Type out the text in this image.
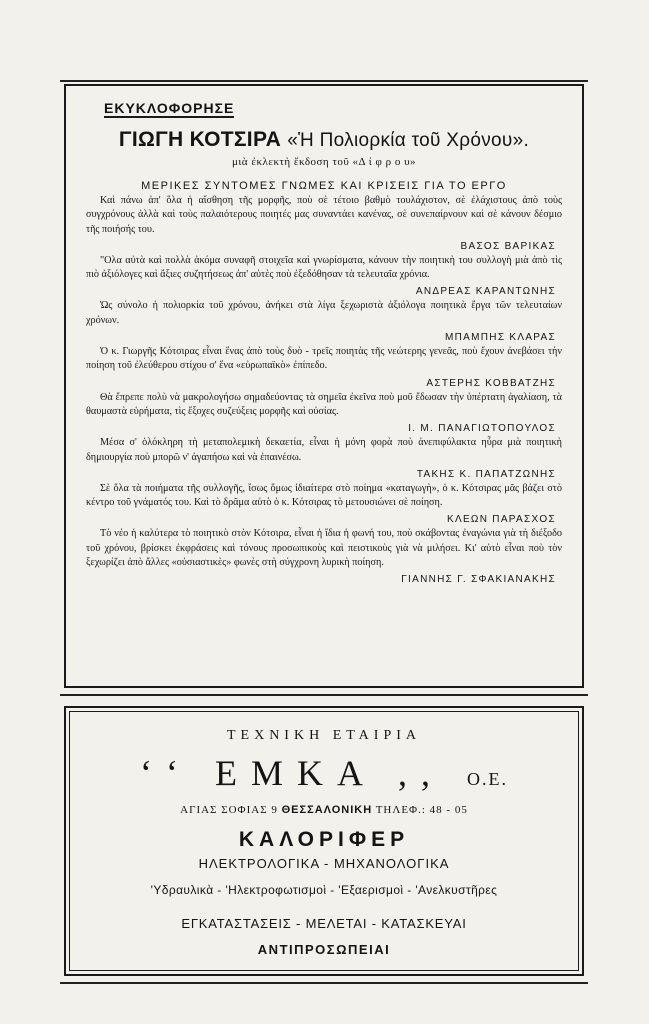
ΕΚΥΚΛΟΦΟΡΗΣΕ
ΓΙΩΓΗ ΚΟΤΣΙΡΑ «Ἡ Πολιορκία τοῦ Χρόνου».
μιὰ ἐκλεκτὴ ἔκδοση τοῦ «Δ ί φ ρ ο υ»
ΜΕΡΙΚΕΣ ΣΥΝΤΟΜΕΣ ΓΝΩΜΕΣ ΚΑΙ ΚΡΙΣΕΙΣ ΓΙΑ ΤΟ ΕΡΓΟ
Καὶ πάνω ἀπ' ὅλα ἡ αἴσθηση τῆς μορφῆς, ποὺ σὲ τέτοιο βαθμὸ τουλάχιστον, σὲ ἐλάχιστους ἀπὸ τοὺς συγχρόνους ἀλλὰ καὶ τοὺς παλαιότερους ποιητές μας συναντάει κανένας, σὲ συνεπαίρνουν καὶ σὲ κάνουν δέσμιο τῆς ποιήσής του.
ΒΑΣΟΣ ΒΑΡΙΚΑΣ
"Ολα αὐτὰ καὶ πολλὰ ἀκόμα συναφῆ στοιχεῖα καὶ γνωρίσματα, κάνουν τὴν ποιητικὴ του συλλογὴ μιὰ ἀπὸ τὶς πιὸ ἀξιόλογες καὶ ἄξιες συζητήσεως ἀπ' αὐτὲς ποὺ ἐξεδόθησαν τὰ τελευταῖα χρόνια.
ΑΝΔΡΕΑΣ ΚΑΡΑΝΤΩΝΗΣ
Ὡς σύνολο ἡ πολιορκία τοῦ χρόνου, ἀνήκει στὰ λίγα ξεχωριστὰ ἀξιόλογα ποιητικὰ ἔργα τῶν τελευταίων χρόνων.
ΜΠΑΜΠΗΣ ΚΛΑΡΑΣ
Ὁ κ. Γιωργῆς Κότσιρας εἶναι ἕνας ἀπὸ τοὺς δυὸ - τρεῖς ποιητὰς τῆς νεώτερης γενεᾶς, ποὺ ἔχουν ἀνεβάσει τὴν ποίηση τοῦ ἐλεύθερου στίχου σ' ἕνα «εὐρωπαϊκὸ» ἐπίπεδο.
ΑΣΤΕΡΗΣ ΚΟΒΒΑΤΖΗΣ
Θὰ ἔπρεπε πολὺ νὰ μακρολογήσω σημαδεύοντας τὰ σημεῖα ἐκεῖνα ποὺ μοῦ ἔδωσαν τὴν ὑπέρτατη ἀγαλίαση, τὰ θαυμαστὰ εὑρήματα, τὶς ἔξοχες συζεύξεις μορφῆς καὶ οὐσίας.
Ι. Μ. ΠΑΝΑΓΙΩΤΟΠΟΥΛΟΣ
Μέσα σ' ὁλόκληρη τὴ μεταπολεμικὴ δεκαετία, εἶναι ἡ μόνη φορὰ ποὺ ἀνεπιφύλακτα ηὗρα μιὰ ποιητικὴ δημιουργία ποὺ μπορῶ ν' ἀγαπήσω καὶ νὰ ἐπαινέσω.
ΤΑΚΗΣ Κ. ΠΑΠΑΤΖΩΝΗΣ
Σὲ ὅλα τὰ ποιήματα τῆς συλλογῆς, ἴσως ὅμως ἰδιαίτερα στὸ ποίημα «καταγωγὴ», ὁ κ. Κότσιρας μᾶς βάζει στὸ κέντρο τοῦ γνάματός του. Καὶ τὸ δρᾶμα αὐτὸ ὁ κ. Κότσιρας τὸ μετουσιώνει σὲ ποίηση.
ΚΛΕΩΝ ΠΑΡΑΣΧΟΣ
Τὸ νέο ἡ καλύτερα τὸ ποιητικὸ στὸν Κότσιρα, εἶναι ἡ ἴδια ἡ φωνή του, ποὺ σκάβοντας ἐναγώνια γιὰ τὴ διέξοδο τοῦ χρόνου, βρίσκει ἐκφράσεις καὶ τόνους προσωπικοὺς καὶ πειστικοὺς γιὰ νὰ μιλήσει. Κι' αὐτὸ εἶναι ποὺ τὸν ξεχωρίζει ἀπὸ ἄλλες «οὐσιαστικὲς» φωνὲς στὴ σύγχρονη λυρικὴ ποίηση.
ΓΙΑΝΝΗΣ Γ. ΣΦΑΚΙΑΝΑΚΗΣ
ΤΕΧΝΙΚΗ ΕΤΑΙΡΙΑ
ʻʻ ΕΜΚΑ ,, Ο.Ε.
ΑΓΙΑΣ ΣΟΦΙΑΣ 9 ΘΕΣΣΑΛΟΝΙΚΗ ΤΗΛΕΦ.: 48 - 05
ΚΑΛΟΡΙΦΕΡ
ΗΛΕΚΤΡΟΛΟΓΙΚΑ - ΜΗΧΑΝΟΛΟΓΙΚΑ
'Υδραυλικὰ - 'Ηλεκτροφωτισμοὶ - 'Εξαερισμοὶ - 'Ανελκυστῆρες
ΕΓΚΑΤΑΣΤΑΣΕΙΣ - ΜΕΛΕΤΑΙ - ΚΑΤΑΣΚΕΥΑΙ
ΑΝΤΙΠΡΟΣΩΠΕΙΑΙ
